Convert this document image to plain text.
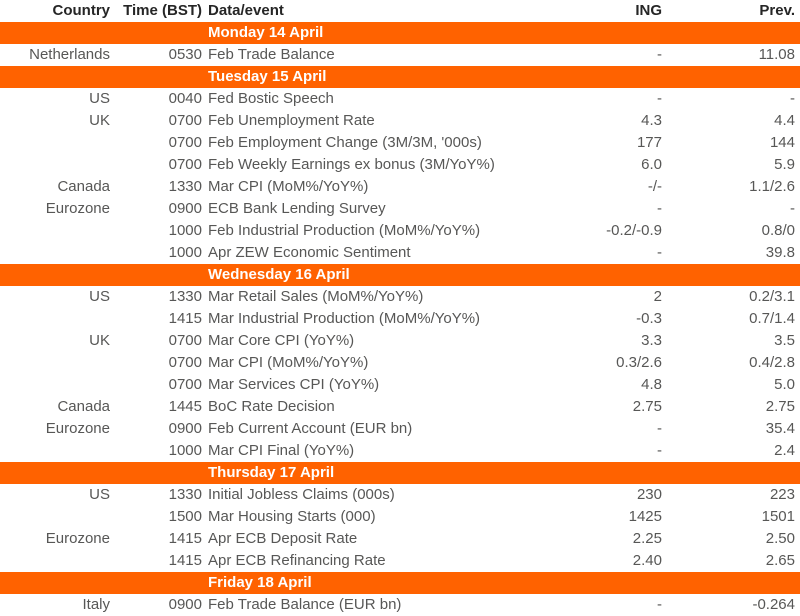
Country	Time (BST)	Data/event	ING	Prev.
Monday 14 April				
Netherlands	0530	Feb Trade Balance	-	11.08
Tuesday 15 April				
US	0040	Fed Bostic Speech	-	-
UK	0700	Feb Unemployment Rate	4.3	4.4
	0700	Feb Employment Change (3M/3M, '000s)	177	144
	0700	Feb Weekly Earnings ex bonus (3M/YoY%)	6.0	5.9
Canada	1330	Mar CPI (MoM%/YoY%)	-/-	1.1/2.6
Eurozone	0900	ECB Bank Lending Survey	-	-
	1000	Feb Industrial Production (MoM%/YoY%)	-0.2/-0.9	0.8/0
	1000	Apr ZEW Economic Sentiment	-	39.8
Wednesday 16 April				
US	1330	Mar Retail Sales (MoM%/YoY%)	2	0.2/3.1
	1415	Mar Industrial Production (MoM%/YoY%)	-0.3	0.7/1.4
UK	0700	Mar Core CPI (YoY%)	3.3	3.5
	0700	Mar CPI (MoM%/YoY%)	0.3/2.6	0.4/2.8
	0700	Mar Services CPI (YoY%)	4.8	5.0
Canada	1445	BoC Rate Decision	2.75	2.75
Eurozone	0900	Feb Current Account (EUR bn)	-	35.4
	1000	Mar CPI Final (YoY%)	-	2.4
Thursday 17 April				
US	1330	Initial Jobless Claims (000s)	230	223
	1500	Mar Housing Starts (000)	1425	1501
Eurozone	1415	Apr ECB Deposit Rate	2.25	2.50
	1415	Apr ECB Refinancing Rate	2.40	2.65
Friday 18 April				
Italy	0900	Feb Trade Balance (EUR bn)	-	-0.264
